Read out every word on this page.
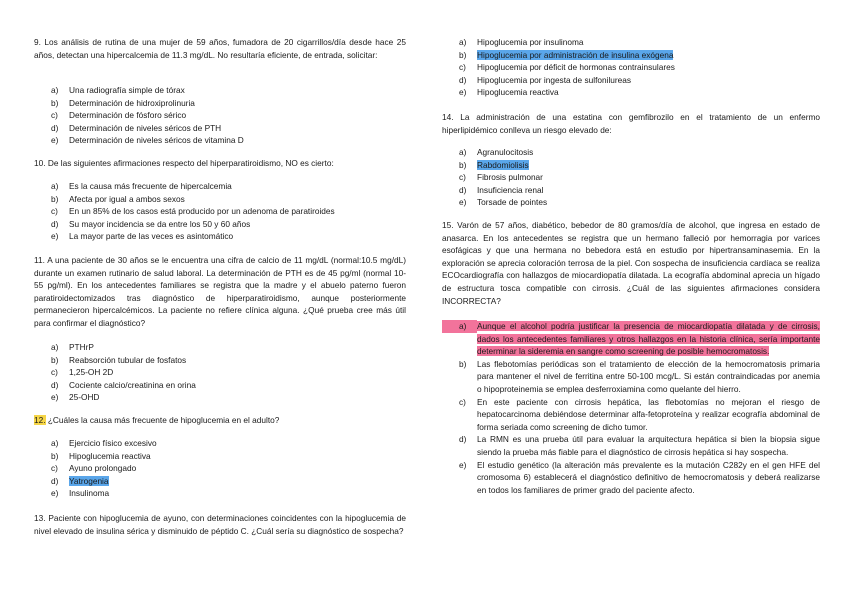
9. Los análisis de rutina de una mujer de 59 años, fumadora de 20 cigarrillos/día desde hace 25 años, detectan una hipercalcemia de 11.3 mg/dL. No resultaría eficiente, de entrada, solicitar:

a)	Una radiografía simple de tórax
b)	Determinación de hidroxiprolinuria
c)	Determinación de fósforo sérico
d)	Determinación de niveles séricos de PTH
e)	Determinación de niveles séricos de vitamina D

10. De las siguientes afirmaciones respecto del hiperparatiroidismo, NO es cierto:

a)	Es la causa más frecuente de hipercalcemia
b)	Afecta por igual a ambos sexos
c)	En un 85% de los casos está producido por un adenoma de paratiroides
d)	Su mayor incidencia se da entre los 50 y 60 años
e)	La mayor parte de las veces es asintomático

11. A una paciente de 30 años se le encuentra una cifra de calcio de 11 mg/dL (normal:10.5 mg/dL) durante un examen rutinario de salud laboral. La determinación de PTH es de 45 pg/ml (normal 10-55 pg/ml). En los antecedentes familiares se registra que la madre y el abuelo paterno fueron paratiroidectomizados tras diagnóstico de hiperparatiroidismo, aunque posteriormente permanecieron hipercalcémicos. La paciente no refiere clínica alguna. ¿Qué prueba cree más útil para confirmar el diagnóstico?

a)	PTHrP
b)	Reabsorción tubular de fosfatos
c)	1,25-OH 2D
d)	Cociente calcio/creatinina en orina
e)	25-OHD

12. ¿Cuáles la causa más frecuente de hipoglucemia en el adulto?

a)	Ejercicio físico excesivo
b)	Hipoglucemia reactiva
c)	Ayuno prolongado
d)	Yatrogenia
e)	Insulinoma

13. Paciente con hipoglucemia de ayuno, con determinaciones coincidentes con la hipoglucemia de nivel elevado de insulina sérica y disminuido de péptido C. ¿Cuál sería su diagnóstico de sospecha?

a)	Hipoglucemia por insulinoma
b)	Hipoglucemia por administración de insulina exógena
c)	Hipoglucemia por déficit de hormonas contrainsulares
d)	Hipoglucemia por ingesta de sulfonilureas
e)	Hipoglucemia reactiva

14. La administración de una estatina con gemfibrozilo en el tratamiento de un enfermo hiperlipidémico conlleva un riesgo elevado de:

a)	Agranulocitosis
b)	Rabdomiolisis
c)	Fibrosis pulmonar
d)	Insuficiencia renal
e)	Torsade de pointes

15. Varón de 57 años, diabético, bebedor de 80 gramos/día de alcohol, que ingresa en estado de anasarca. En los antecedentes se registra que un hermano falleció por hemorragia por varices esofágicas y que una hermana no bebedora está en estudio por hipertransaminasemia. En la exploración se aprecia coloración terrosa de la piel. Con sospecha de insuficiencia cardíaca se realiza ECOcardiografía con hallazgos de miocardiopatía dilatada. La ecografía abdominal aprecia un hígado de estructura tosca compatible con cirrosis. ¿Cuál de las siguientes afirmaciones considera INCORRECTA?

a)	Aunque el alcohol podría justificar la presencia de miocardiopatía dilatada y de cirrosis, dados los antecedentes familiares y otros hallazgos en la historia clínica, sería importante determinar la sideremia en sangre como screening de posible hemocromatosis.
b)	Las flebotomías periódicas son el tratamiento de elección de la hemocromatosis primaria para mantener el nivel de ferritina entre 50-100 mcg/L. Si están contraindicadas por anemia o hipoproteinemia se emplea desferroxiamina como quelante del hierro.
c)	En este paciente con cirrosis hepática, las flebotomías no mejoran el riesgo de hepatocarcinoma debiéndose determinar alfa-fetoproteína y realizar ecografía abdominal de forma seriada como screening de dicho tumor.
d)	La RMN es una prueba útil para evaluar la arquitectura hepática si bien la biopsia sigue siendo la prueba más fiable para el diagnóstico de cirrosis hepática si hay sospecha.
e)	El estudio genético (la alteración más prevalente es la mutación C282y en el gen HFE del cromosoma 6) establecerá el diagnóstico definitivo de hemocromatosis y deberá realizarse en todos los familiares de primer grado del paciente afecto.
